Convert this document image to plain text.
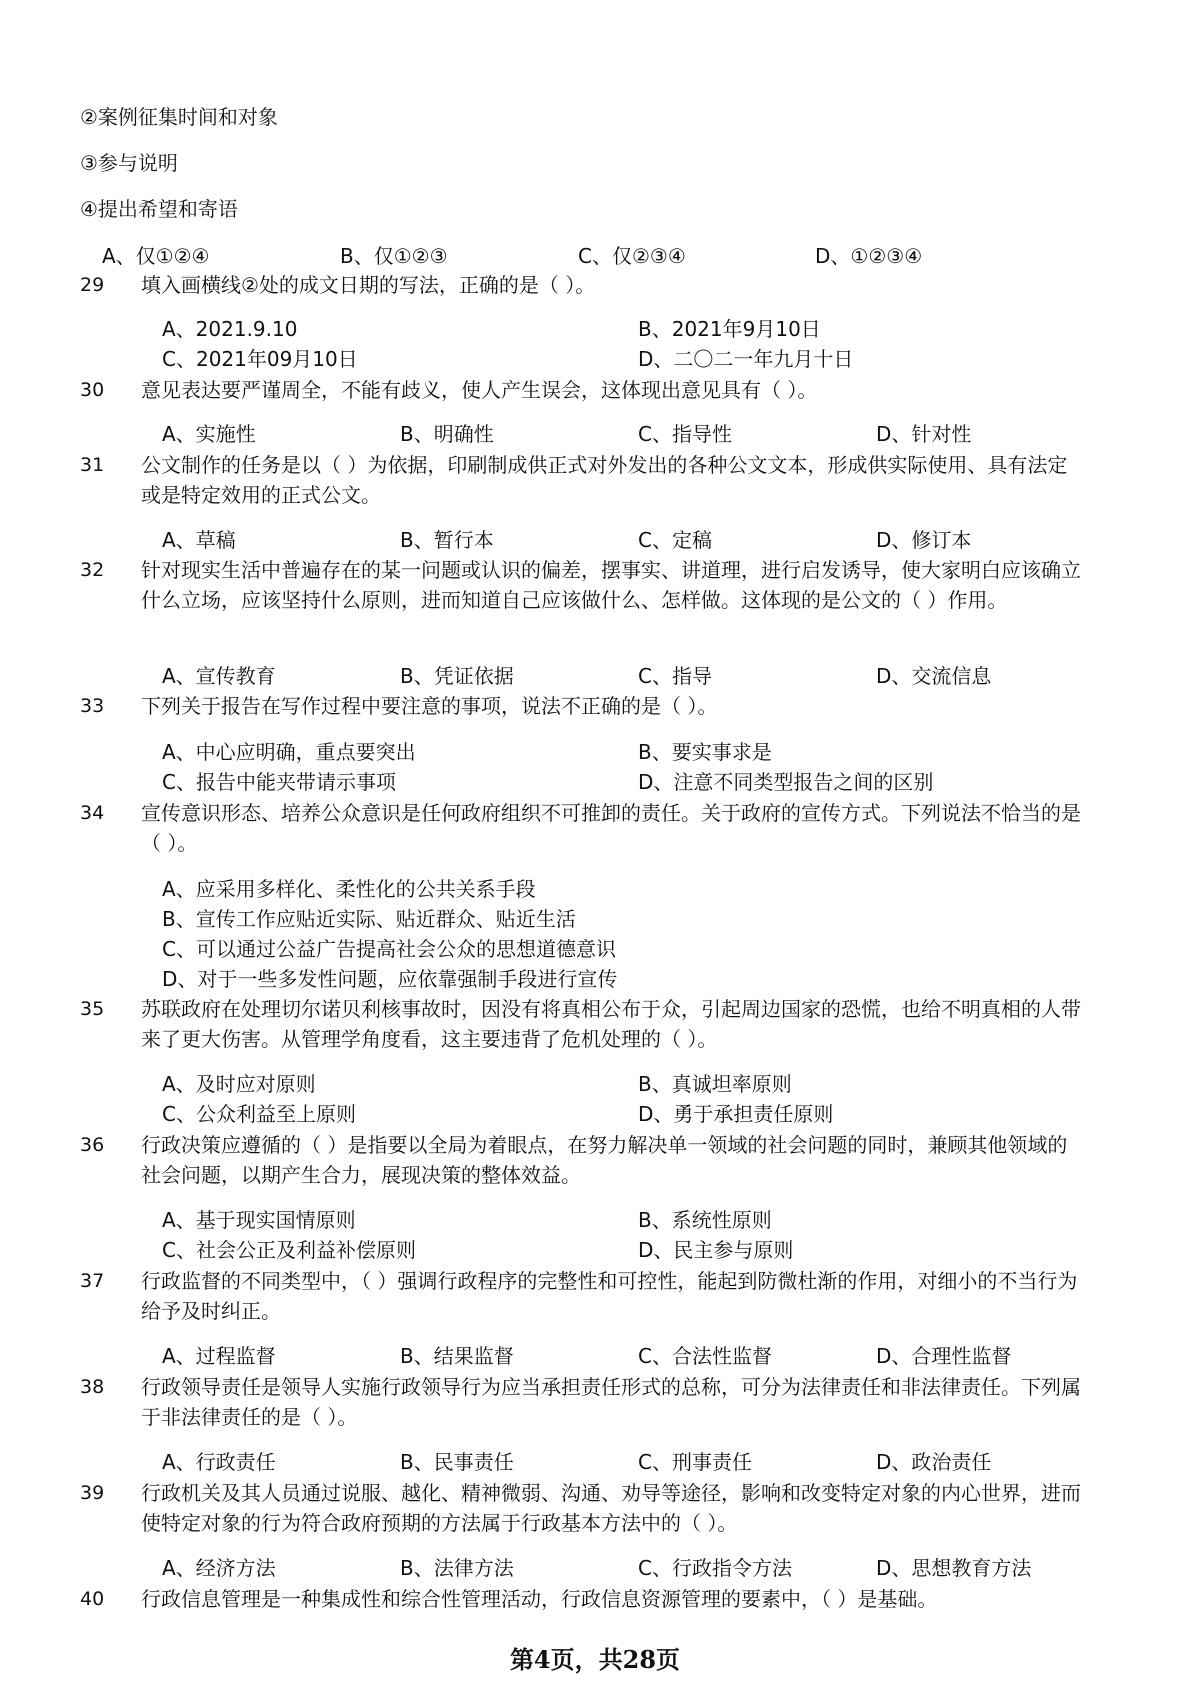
②案例征集时间和对象
③参与说明
④提出希望和寄语
A、仅①②④	B、仅①②③	C、仅②③④	D、①②③④
29 填入画横线②处的成文日期的写法，正确的是（ ）。
A、2021.9.10	B、2021年9月10日
C、2021年09月10日	D、二〇二一年九月十日
30 意见表达要严谨周全，不能有歧义，使人产生误会，这体现出意见具有（ ）。
A、实施性	B、明确性	C、指导性	D、针对性
31 公文制作的任务是以（ ）为依据，印刷制成供正式对外发出的各种公文文本，形成供实际使用、具有法定或是特定效用的正式公文。
A、草稿	B、暂行本	C、定稿	D、修订本
32 针对现实生活中普遍存在的某一问题或认识的偏差，摆事实、讲道理，进行启发诱导，使大家明白应该确立什么立场，应该坚持什么原则，进而知道自己应该做什么、怎样做。这体现的是公文的（ ）作用。
A、宣传教育	B、凭证依据	C、指导	D、交流信息
33 下列关于报告在写作过程中要注意的事项，说法不正确的是（ ）。
A、中心应明确，重点要突出	B、要实事求是
C、报告中能夹带请示事项	D、注意不同类型报告之间的区别
34 宣传意识形态、培养公众意识是任何政府组织不可推卸的责任。关于政府的宣传方式。下列说法不恰当的是（ ）。
A、应采用多样化、柔性化的公共关系手段
B、宣传工作应贴近实际、贴近群众、贴近生活
C、可以通过公益广告提高社会公众的思想道德意识
D、对于一些多发性问题，应依靠强制手段进行宣传
35 苏联政府在处理切尔诺贝利核事故时，因没有将真相公布于众，引起周边国家的恐慌，也给不明真相的人带来了更大伤害。从管理学角度看，这主要违背了危机处理的（ ）。
A、及时应对原则	B、真诚坦率原则
C、公众利益至上原则	D、勇于承担责任原则
36 行政决策应遵循的（ ）是指要以全局为着眼点，在努力解决单一领域的社会问题的同时，兼顾其他领域的社会问题，以期产生合力，展现决策的整体效益。
A、基于现实国情原则	B、系统性原则
C、社会公正及利益补偿原则	D、民主参与原则
37 行政监督的不同类型中，（ ）强调行政程序的完整性和可控性，能起到防微杜渐的作用，对细小的不当行为给予及时纠正。
A、过程监督	B、结果监督	C、合法性监督	D、合理性监督
38 行政领导责任是领导人实施行政领导行为应当承担责任形式的总称，可分为法律责任和非法律责任。下列属于非法律责任的是（ ）。
A、行政责任	B、民事责任	C、刑事责任	D、政治责任
39 行政机关及其人员通过说服、越化、精神微弱、沟通、劝导等途径，影响和改变特定对象的内心世界，进而使特定对象的行为符合政府预期的方法属于行政基本方法中的（ ）。
A、经济方法	B、法律方法	C、行政指令方法	D、思想教育方法
40 行政信息管理是一种集成性和综合性管理活动，行政信息资源管理的要素中，（ ）是基础。
第4页，共28页
